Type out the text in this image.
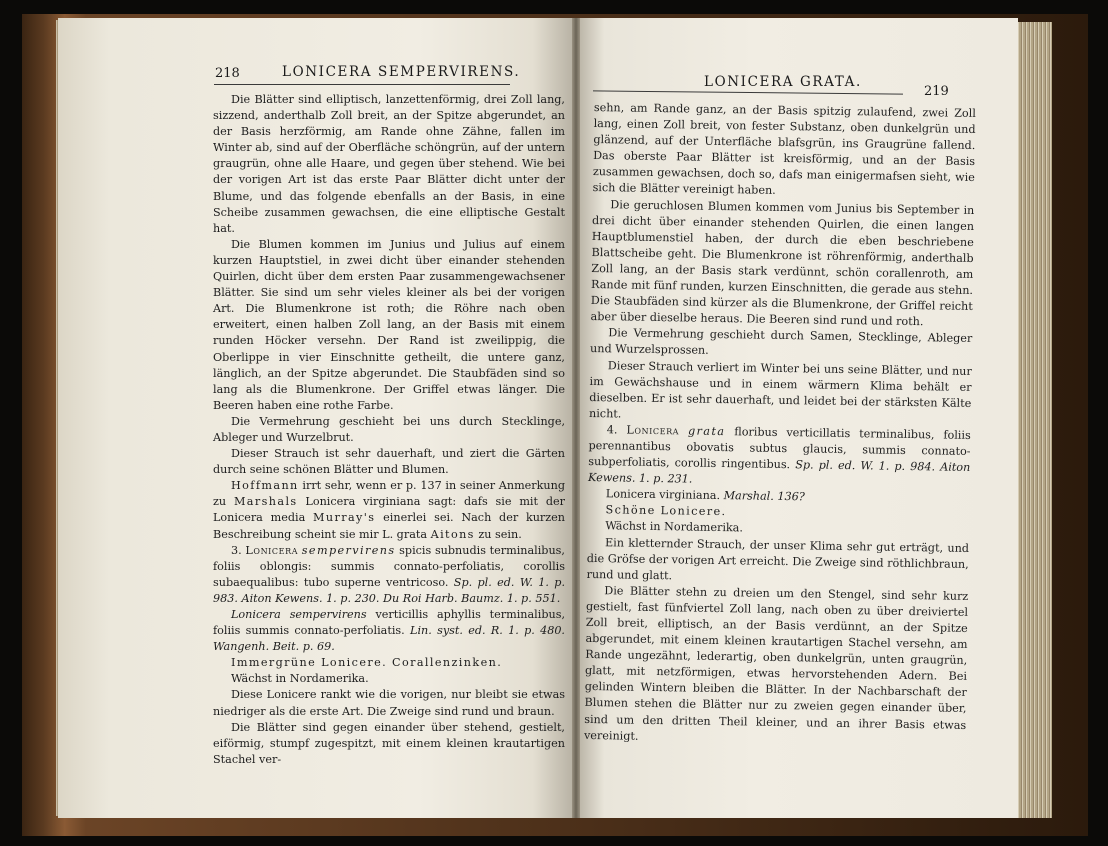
218	LONICERA SEMPERVIRENS.

Die Blätter sind elliptisch, lanzettenförmig, drei Zoll lang, sizzend, anderthalb Zoll breit, an der Spitze abgerundet, an der Basis herzförmig, am Rande ohne Zähne, fallen im Winter ab, sind auf der Oberfläche schöngrün, auf der untern graugrün, ohne alle Haare, und gegen über stehend. Wie bei der vorigen Art ist das erste Paar Blätter dicht unter der Blume, und das folgende ebenfalls an der Basis, in eine Scheibe zusammen gewachsen, die eine elliptische Gestalt hat.

Die Blumen kommen im Junius und Julius auf einem kurzen Hauptstiel, in zwei dicht über einander stehenden Quirlen, dicht über dem ersten Paar zusammengewachsener Blätter. Sie sind um sehr vieles kleiner als bei der vorigen Art. Die Blumenkrone ist roth; die Röhre nach oben erweitert, einen halben Zoll lang, an der Basis mit einem runden Höcker versehn. Der Rand ist zweilippig, die Oberlippe in vier Einschnitte getheilt, die untere ganz, länglich, an der Spitze abgerundet. Die Staubfäden sind so lang als die Blumenkrone. Der Griffel etwas länger. Die Beeren haben eine rothe Farbe.

Die Vermehrung geschieht bei uns durch Stecklinge, Ableger und Wurzelbrut.

Dieser Strauch ist sehr dauerhaft, und ziert die Gärten durch seine schönen Blätter und Blumen.

Hoffmann irrt sehr, wenn er p. 137 in seiner Anmerkung zu Marshals Lonicera virginiana sagt: dafs sie mit der Lonicera media Murray's einerlei sei. Nach der kurzen Beschreibung scheint sie mir L. grata Aitons zu sein.

3. Lonicera sempervirens spicis subnudis terminalibus, foliis oblongis: summis connato-perfoliatis, corollis subaequalibus: tubo superne ventricoso. Sp. pl. ed. W. 1. p. 983. Aiton Kewens. 1. p. 230. Du Roi Harb. Baumz. 1. p. 551.

Lonicera sempervirens verticillis aphyllis terminalibus, foliis summis connato-perfoliatis. Lin. syst. ed. R. 1. p. 480. Wangenh. Beit. p. 69.

Immergrüne Lonicere. Corallenzinken.

Wächst in Nordamerika.

Diese Lonicere rankt wie die vorigen, nur bleibt sie etwas niedriger als die erste Art. Die Zweige sind rund und braun.

Die Blätter sind gegen einander über stehend, gestielt, eiförmig, stumpf zugespitzt, mit einem kleinen krautartigen Stachel ver-

LONICERA GRATA.
219

sehn, am Rande ganz, an der Basis spitzig zulaufend, zwei Zoll lang, einen Zoll breit, von fester Substanz, oben dunkelgrün und glänzend, auf der Unterfläche blafsgrün, ins Graugrüne fallend. Das oberste Paar Blätter ist kreisförmig, und an der Basis zusammen gewachsen, doch so, dafs man einigermafsen sieht, wie sich die Blätter vereinigt haben.

Die geruchlosen Blumen kommen vom Junius bis September in drei dicht über einander stehenden Quirlen, die einen langen Hauptblumenstiel haben, der durch die eben beschriebene Blattscheibe geht. Die Blumenkrone ist röhrenförmig, anderthalb Zoll lang, an der Basis stark verdünnt, schön corallenroth, am Rande mit fünf runden, kurzen Einschnitten, die gerade aus stehn. Die Staubfäden sind kürzer als die Blumenkrone, der Griffel reicht aber über dieselbe heraus. Die Beeren sind rund und roth.

Die Vermehrung geschieht durch Samen, Stecklinge, Ableger und Wurzelsprossen.

Dieser Strauch verliert im Winter bei uns seine Blätter, und nur im Gewächshause und in einem wärmern Klima behält er dieselben. Er ist sehr dauerhaft, und leidet bei der stärksten Kälte nicht.

4. Lonicera grata floribus verticillatis terminalibus, foliis perennantibus obovatis subtus glaucis, summis connato-subperfoliatis, corollis ringentibus. Sp. pl. ed. W. 1. p. 984. Aiton Kewens. 1. p. 231.

Lonicera virginiana. Marshal. 136?

Schöne Lonicere.

Wächst in Nordamerika.

Ein kletternder Strauch, der unser Klima sehr gut erträgt, und die Gröfse der vorigen Art erreicht. Die Zweige sind röthlichbraun, rund und glatt.

Die Blätter stehn zu dreien um den Stengel, sind sehr kurz gestielt, fast fünfviertel Zoll lang, nach oben zu über dreiviertel Zoll breit, elliptisch, an der Basis verdünnt, an der Spitze abgerundet, mit einem kleinen krautartigen Stachel versehn, am Rande ungezähnt, lederartig, oben dunkelgrün, unten graugrün, glatt, mit netzförmigen, etwas hervorstehenden Adern. Bei gelinden Wintern bleiben die Blätter. In der Nachbarschaft der Blumen stehen die Blätter nur zu zweien gegen einander über, sind um den dritten Theil kleiner, und an ihrer Basis etwas vereinigt.
